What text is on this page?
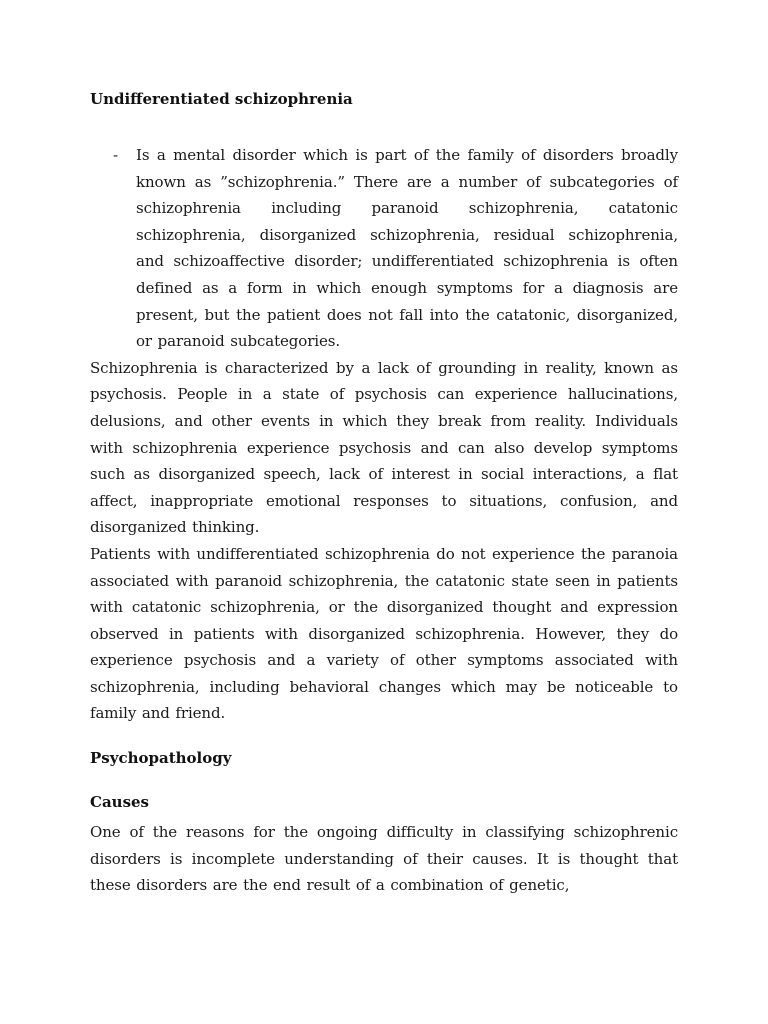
Undifferentiated schizophrenia
-	Is a mental disorder which is part of the family of disorders broadly known as ”schizophrenia.” There are a number of subcategories of schizophrenia including paranoid schizophrenia, catatonic schizophrenia, disorganized schizophrenia, residual schizophrenia, and schizoaffective disorder; undifferentiated schizophrenia is often defined as a form in which enough symptoms for a diagnosis are present, but the patient does not fall into the catatonic, disorganized, or paranoid subcategories.

Schizophrenia is characterized by a lack of grounding in reality, known as psychosis. People in a state of psychosis can experience hallucinations, delusions, and other events in which they break from reality. Individuals with schizophrenia experience psychosis and can also develop symptoms such as disorganized speech, lack of interest in social interactions, a flat affect, inappropriate emotional responses to situations, confusion, and disorganized thinking.

Patients with undifferentiated schizophrenia do not experience the paranoia associated with paranoid schizophrenia, the catatonic state seen in patients with catatonic schizophrenia, or the disorganized thought and expression observed in patients with disorganized schizophrenia. However, they do experience psychosis and a variety of other symptoms associated with schizophrenia, including behavioral changes which may be noticeable to family and friend.

Psychopathology
Causes

One of the reasons for the ongoing difficulty in classifying schizophrenic disorders is incomplete understanding of their causes. It is thought that these disorders are the end result of a combination of genetic,
